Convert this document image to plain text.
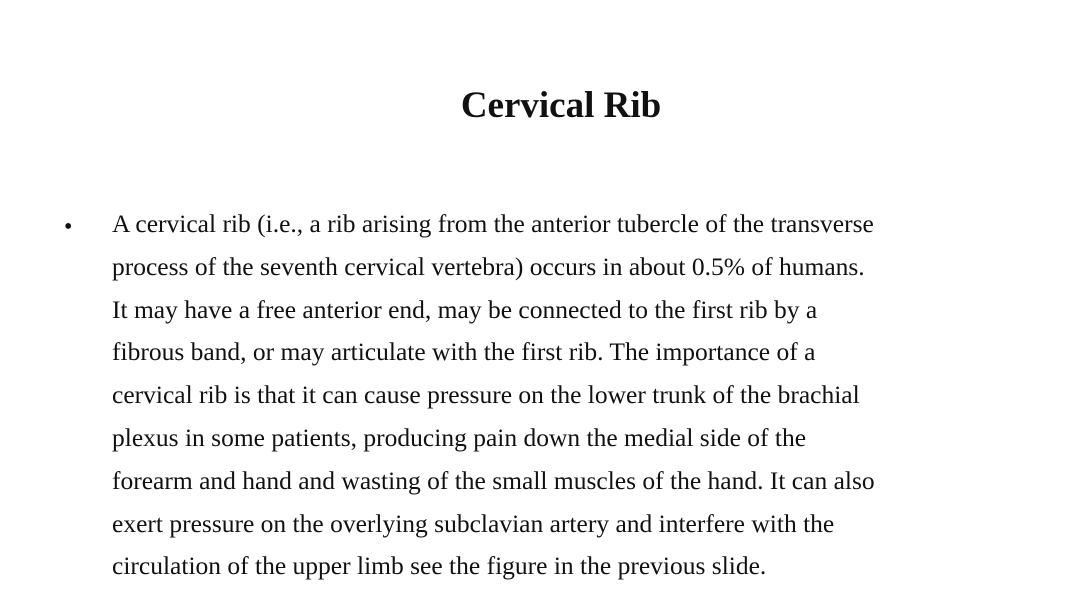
Cervical Rib
• A cervical rib (i.e., a rib arising from the anterior tubercle of the transverse
process of the seventh cervical vertebra) occurs in about 0.5% of humans.
It may have a free anterior end, may be connected to the first rib by a
fibrous band, or may articulate with the first rib. The importance of a
cervical rib is that it can cause pressure on the lower trunk of the brachial
plexus in some patients, producing pain down the medial side of the
forearm and hand and wasting of the small muscles of the hand. It can also
exert pressure on the overlying subclavian artery and interfere with the
circulation of the upper limb see the figure in the previous slide.
